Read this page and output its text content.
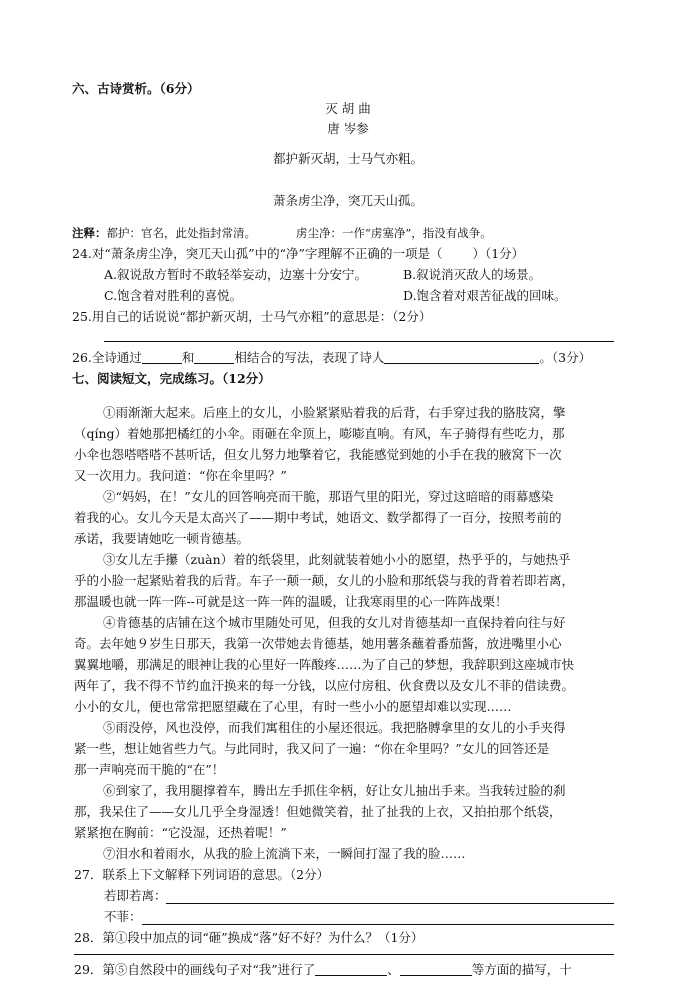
六、古诗赏析。（6分）
灭 胡 曲
唐 岑参
都护新灭胡，士马气亦粗。
萧条虏尘净，突兀天山孤。
注释：都护：官名，此处指封常清。	虏尘净：一作“虏塞净”，指没有战争。
24.对“萧条虏尘净，突兀天山孤”中的“净”字理解不正确的一项是（ ）（1分）
A.叙说敌方暂时不敢轻举妄动，边塞十分安宁。	B.叙说消灭敌人的场景。
C.饱含着对胜利的喜悦。	D.饱含着对艰苦征战的回味。
25.用自己的话说说“都护新灭胡，士马气亦粗”的意思是：（2分）
26.全诗通过	和	相结合的写法，表现了诗人	。（3分）
七、阅读短文，完成练习。（12分）
①雨渐渐大起来。后座上的女儿，小脸紧紧贴着我的后背，右手穿过我的胳肢窝，擎
（qíng）着她那把橘红的小伞。雨砸在伞顶上，嘭嘭直响。有风，车子骑得有些吃力，那
小伞也怨嗒嗒嗒不甚听话，但女儿努力地擎着它，我能感觉到她的小手在我的腋窝下一次
又一次用力。我问道：“你在伞里吗？”
②“妈妈，在！”女儿的回答响亮而干脆，那语气里的阳光，穿过这暗暗的雨幕感染
着我的心。女儿今天是太高兴了——期中考试，她语文、数学都得了一百分，按照考前的
承诺，我要请她吃一顿肯德基。
③女儿左手攥（zuàn）着的纸袋里，此刻就装着她小小的愿望，热乎乎的，与她热乎
乎的小脸一起紧贴着我的后背。车子一颠一颠，女儿的小脸和那纸袋与我的背着若即若离，
那温暖也就一阵一阵--可就是这一阵一阵的温暖，让我寒雨里的心一阵阵战栗！
④肯德基的店铺在这个城市里随处可见，但我的女儿对肯德基却一直保持着向往与好
奇。去年她９岁生日那天，我第一次带她去肯德基，她用薯条蘸着番茄酱，放进嘴里小心
翼翼地嚼，那满足的眼神让我的心里好一阵酸疼……为了自己的梦想，我辞职到这座城市快
两年了，我不得不节约血汗换来的每一分钱，以应付房租、伙食费以及女儿不菲的借读费。
小小的女儿，便也常常把愿望藏在了心里，有时一些小小的愿望却难以实现……
⑤雨没停，风也没停，而我们寓租住的小屋还很远。我把胳膊拿里的女儿的小手夹得
紧一些，想让她省些力气。与此同时，我又问了一遍：“你在伞里吗？”女儿的回答还是
那一声响亮而干脆的“在”！
⑥到家了，我用腿撑着车，腾出左手抓住伞柄，好让女儿抽出手来。当我转过脸的刹
那，我呆住了——女儿几乎全身湿透！但她微笑着，扯了扯我的上衣，又拍拍那个纸袋，
紧紧抱在胸前：“它没湿，还热着呢！”
⑦泪水和着雨水，从我的脸上流淌下来，一瞬间打湿了我的脸……
27．联系上下文解释下列词语的意思。（2分）
若即若离：
不菲：
28．第①段中加点的词“砸”换成“落”好不好？为什么？（1分）
29．第⑤自然段中的画线句子对“我”进行了	、	等方面的描写，十
